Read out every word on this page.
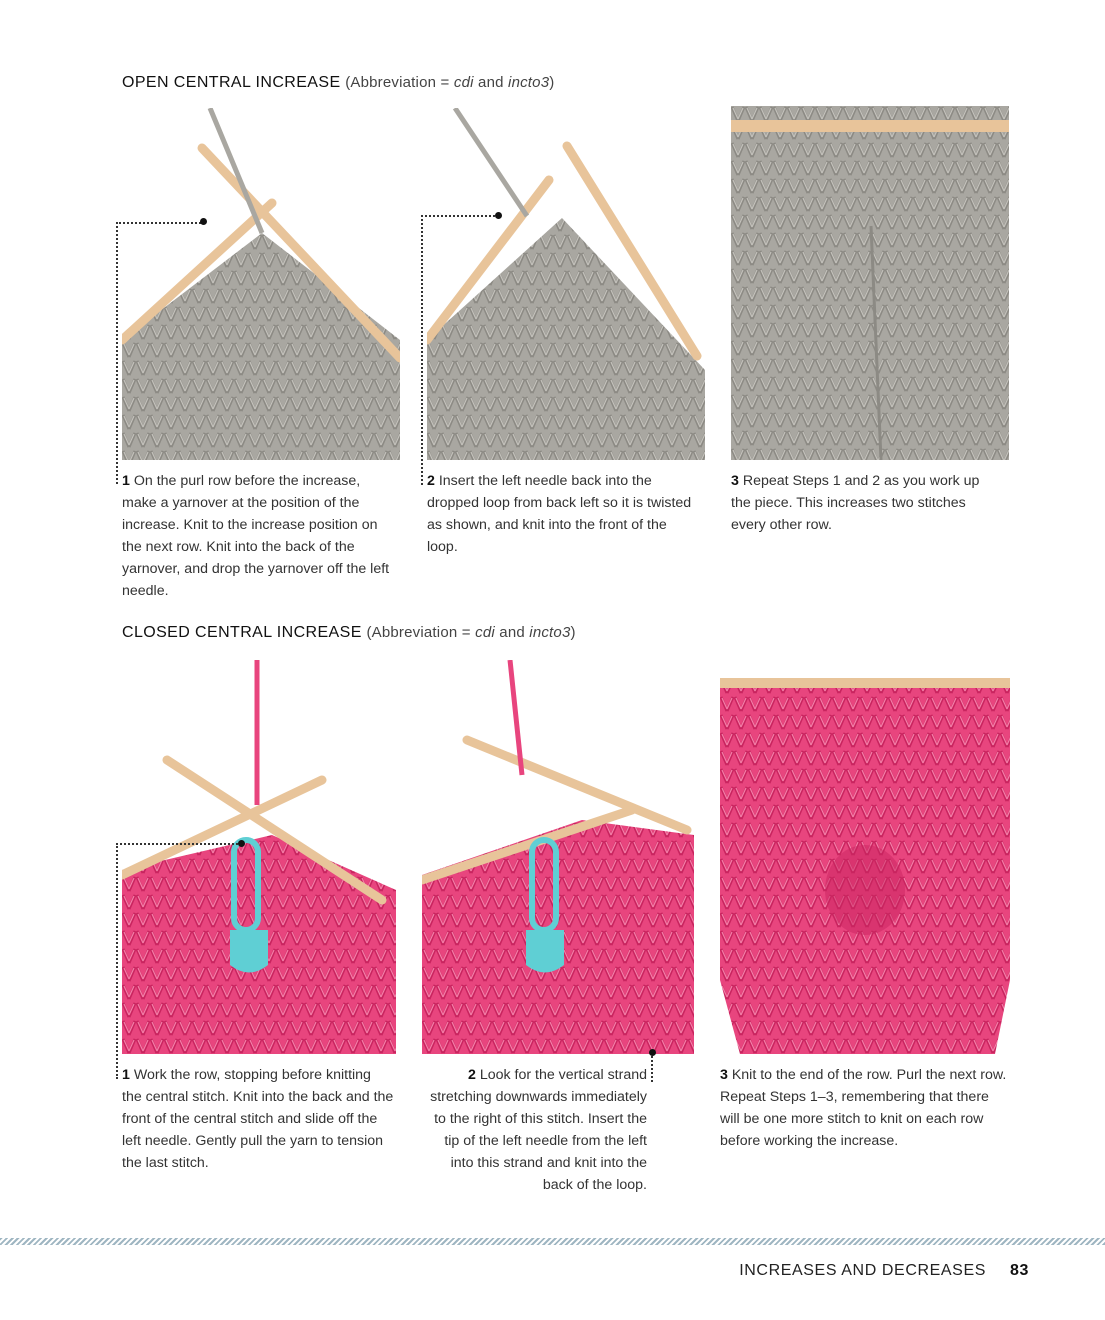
OPEN CENTRAL INCREASE (Abbreviation = cdi and incto3)
1 On the purl row before the increase, make a yarnover at the position of the increase. Knit to the increase position on the next row. Knit into the back of the yarnover, and drop the yarnover off the left needle.
2 Insert the left needle back into the dropped loop from back left so it is twisted as shown, and knit into the front of the loop.
3 Repeat Steps 1 and 2 as you work up the piece. This increases two stitches every other row.
CLOSED CENTRAL INCREASE (Abbreviation = cdi and incto3)
1 Work the row, stopping before knitting the central stitch. Knit into the back and the front of the central stitch and slide off the left needle. Gently pull the yarn to tension the last stitch.
2 Look for the vertical strand stretching downwards immediately to the right of this stitch. Insert the tip of the left needle from the left into this strand and knit into the back of the loop.
3 Knit to the end of the row. Purl the next row. Repeat Steps 1–3, remembering that there will be one more stitch to knit on each row before working the increase.
INCREASES AND DECREASES 83
